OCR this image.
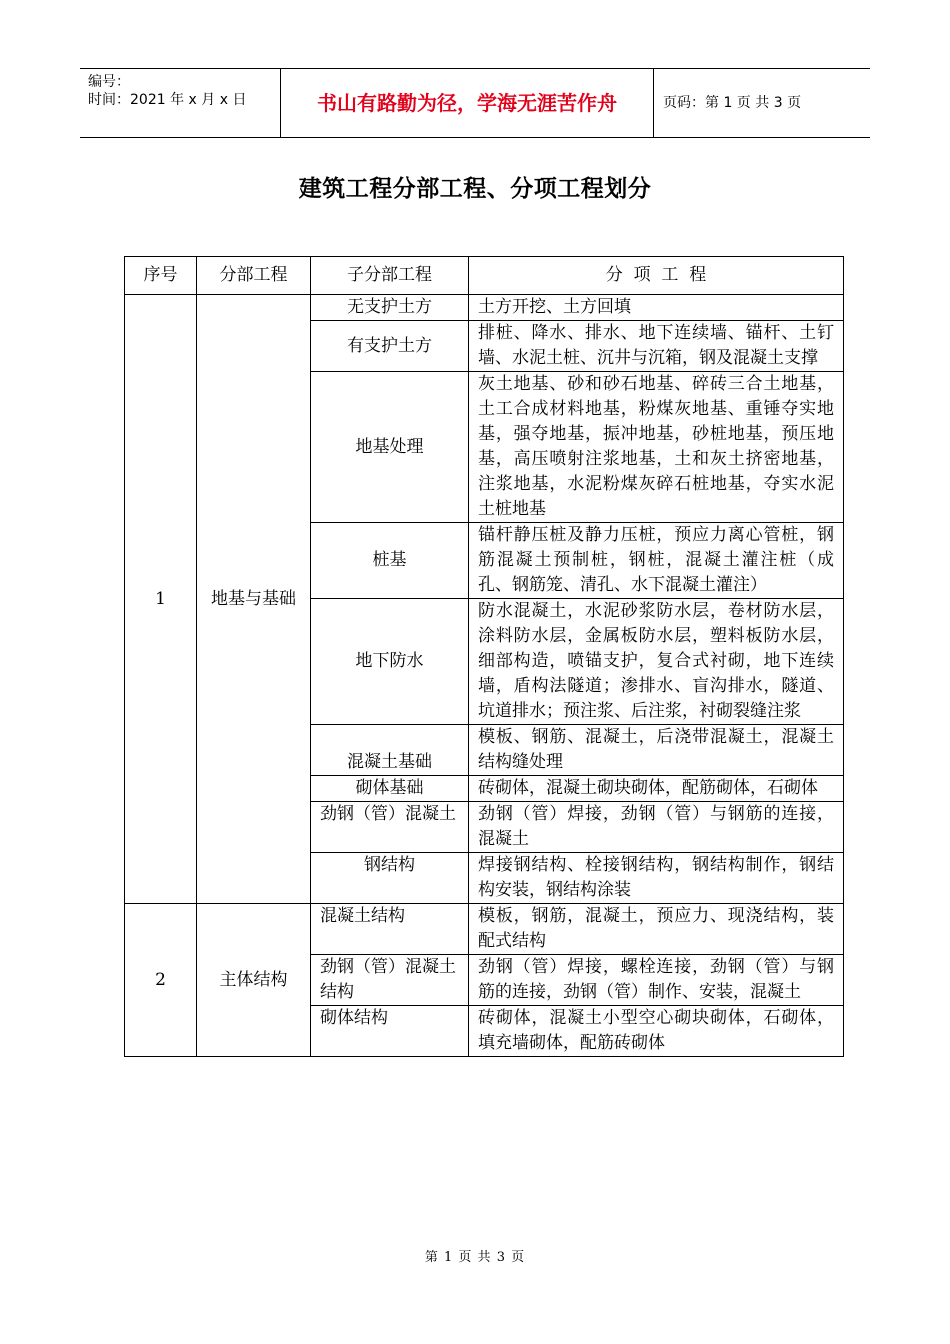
编号：
时间：2021 年 x 月 x 日	书山有路勤为径，学海无涯苦作舟	页码：第 1 页 共 3 页
建筑工程分部工程、分项工程划分
序号	分部工程	子分部工程	分  项  工  程
1	地基与基础	无支护土方	土方开挖、土方回填
		有支护土方	排桩、降水、排水、地下连续墙、锚杆、土钉墙、水泥土桩、沉井与沉箱，钢及混凝土支撑
		地基处理	灰土地基、砂和砂石地基、碎砖三合土地基，土工合成材料地基，粉煤灰地基、重锤夺实地基，强夺地基，振冲地基，砂桩地基，预压地基，高压喷射注浆地基，土和灰土挤密地基，注浆地基，水泥粉煤灰碎石桩地基，夺实水泥土桩地基
		桩基	锚杆静压桩及静力压桩，预应力离心管桩，钢筋混凝土预制桩，钢桩，混凝土灌注桩（成孔、钢筋笼、清孔、水下混凝土灌注）
		地下防水	防水混凝土，水泥砂浆防水层，卷材防水层，涂料防水层，金属板防水层，塑料板防水层，细部构造，喷锚支护，复合式衬砌，地下连续墙，盾构法隧道；渗排水、盲沟排水，隧道、坑道排水；预注浆、后注浆，衬砌裂缝注浆
		混凝土基础	模板、钢筋、混凝土，后浇带混凝土，混凝土结构缝处理
		砌体基础	砖砌体，混凝土砌块砌体，配筋砌体，石砌体
		劲钢（管）混凝土	劲钢（管）焊接，劲钢（管）与钢筋的连接，混凝土
		钢结构	焊接钢结构、栓接钢结构，钢结构制作，钢结构安装，钢结构涂装
2	主体结构	混凝土结构	模板，钢筋，混凝土，预应力、现浇结构，装配式结构
		劲钢（管）混凝土结构	劲钢（管）焊接，螺栓连接，劲钢（管）与钢筋的连接，劲钢（管）制作、安装，混凝土
		砌体结构	砖砌体，混凝土小型空心砌块砌体，石砌体，填充墙砌体，配筋砖砌体
第 1 页 共 3 页
